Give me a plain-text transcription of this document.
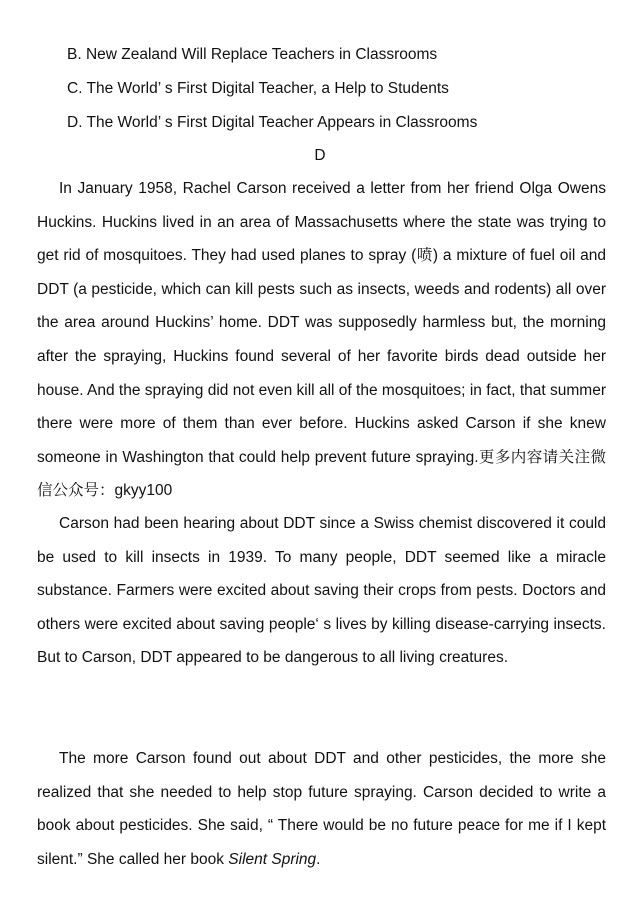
B. New Zealand Will Replace Teachers in Classrooms
C. The World’ s First Digital Teacher, a Help to Students
D. The World’ s First Digital Teacher Appears in Classrooms
D

In January 1958, Rachel Carson received a letter from her friend Olga Owens Huckins. Huckins lived in an area of Massachusetts where the state was trying to get rid of mosquitoes. They had used planes to spray (喷) a mixture of fuel oil and DDT (a pesticide, which can kill pests such as insects, weeds and rodents) all over the area around Huckins’ home. DDT was supposedly harmless but, the morning after the spraying, Huckins found several of her favorite birds dead outside her house. And the spraying did not even kill all of the mosquitoes; in fact, that summer there were more of them than ever before. Huckins asked Carson if she knew someone in Washington that could help prevent future spraying.更多内容请关注微信公众号：gkyy100

Carson had been hearing about DDT since a Swiss chemist discovered it could be used to kill insects in 1939. To many people, DDT seemed like a miracle substance. Farmers were excited about saving their crops from pests. Doctors and others were excited about saving people‘ s lives by killing disease-carrying insects. But to Carson, DDT appeared to be dangerous to all living creatures.

The more Carson found out about DDT and other pesticides, the more she realized that she needed to help stop future spraying. Carson decided to write a book about pesticides. She said, “ There would be no future peace for me if I kept silent.” She called her book Silent Spring.
